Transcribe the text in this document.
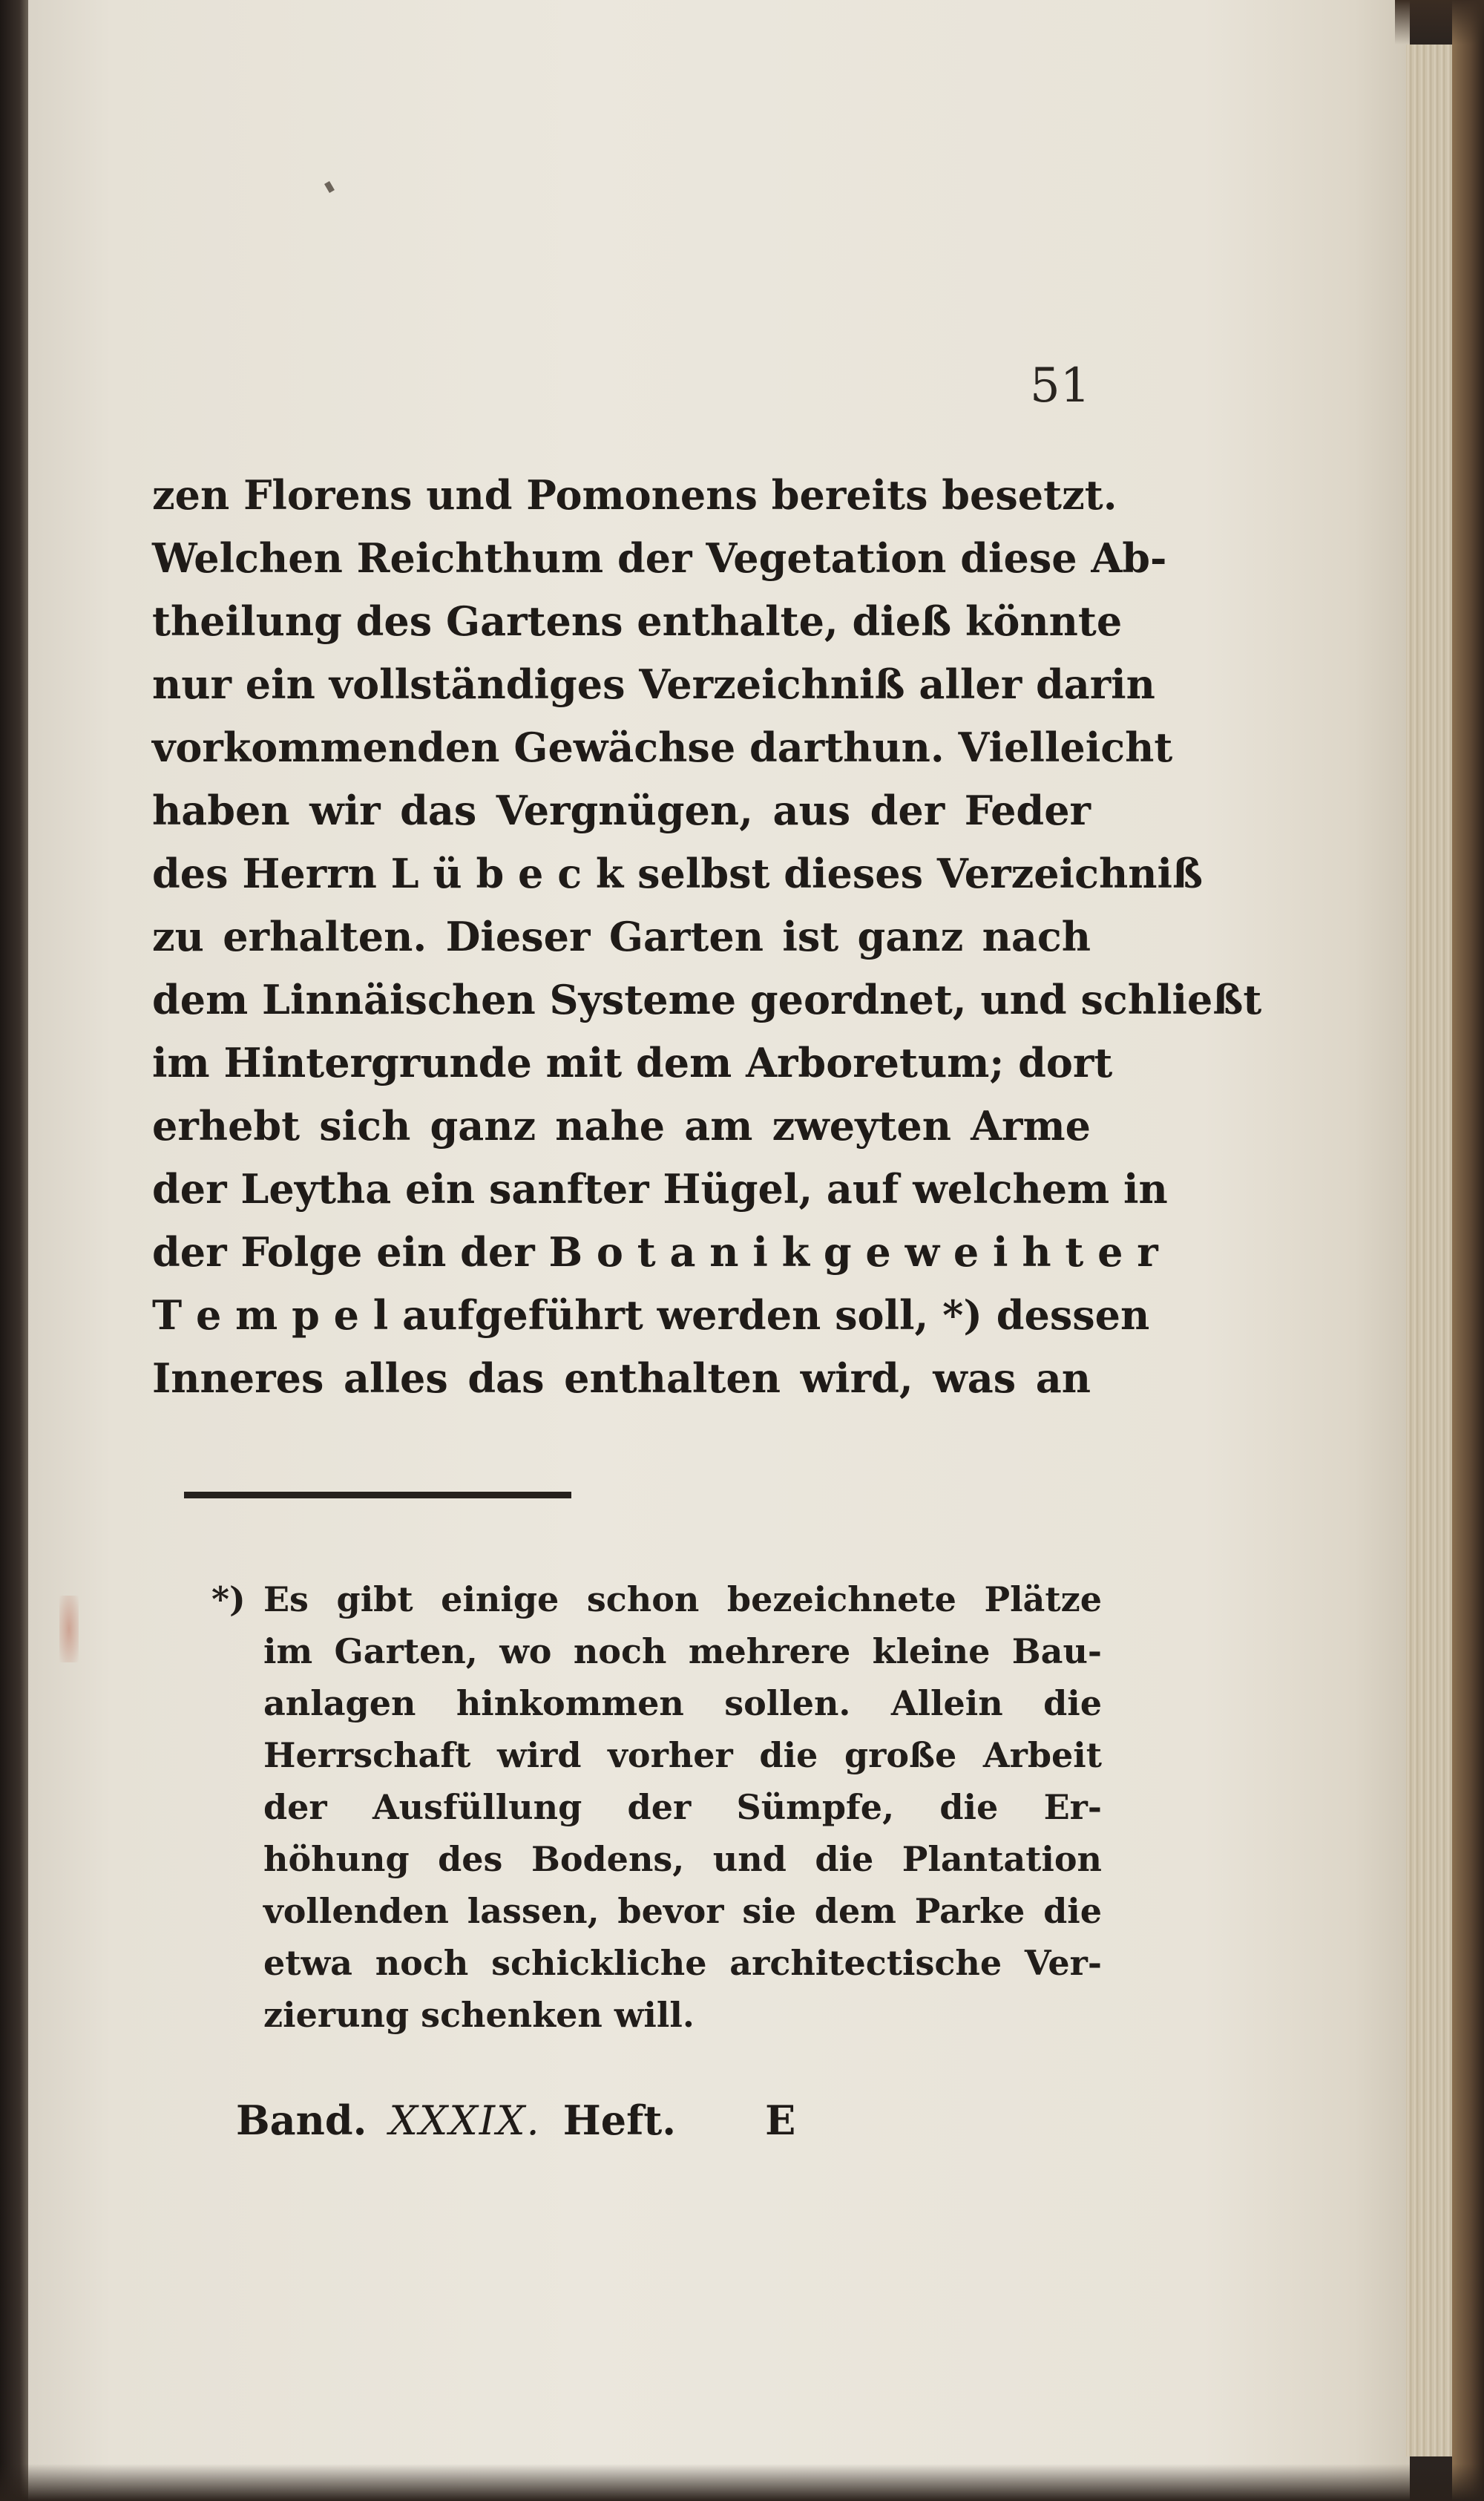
51
zen Florens und Pomonens bereits besetzt.
Welchen Reichthum der Vegetation diese Ab-
theilung des Gartens enthalte, dieß könnte
nur ein vollständiges Verzeichniß aller darin
vorkommenden Gewächse darthun. Vielleicht
haben wir das Vergnügen, aus der Feder
des Herrn L ü b e c k selbst dieses Verzeichniß
zu erhalten. Dieser Garten ist ganz nach
dem Linnäischen Systeme geordnet, und schließt
im Hintergrunde mit dem Arboretum; dort
erhebt sich ganz nahe am zweyten Arme
der Leytha ein sanfter Hügel, auf welchem in
der Folge ein der B o t a n i k g e w e i h t e r
T e m p e l aufgeführt werden soll, *) dessen
Inneres alles das enthalten wird, was an
*) Es gibt einige schon bezeichnete Plätze
im Garten, wo noch mehrere kleine Bau-
anlagen hinkommen sollen. Allein die
Herrschaft wird vorher die große Arbeit
der Ausfüllung der Sümpfe, die Er-
höhung des Bodens, und die Plantation
vollenden lassen, bevor sie dem Parke die
etwa noch schickliche architectische Ver-
zierung schenken will.
Band. XXXIX. Heft. E
